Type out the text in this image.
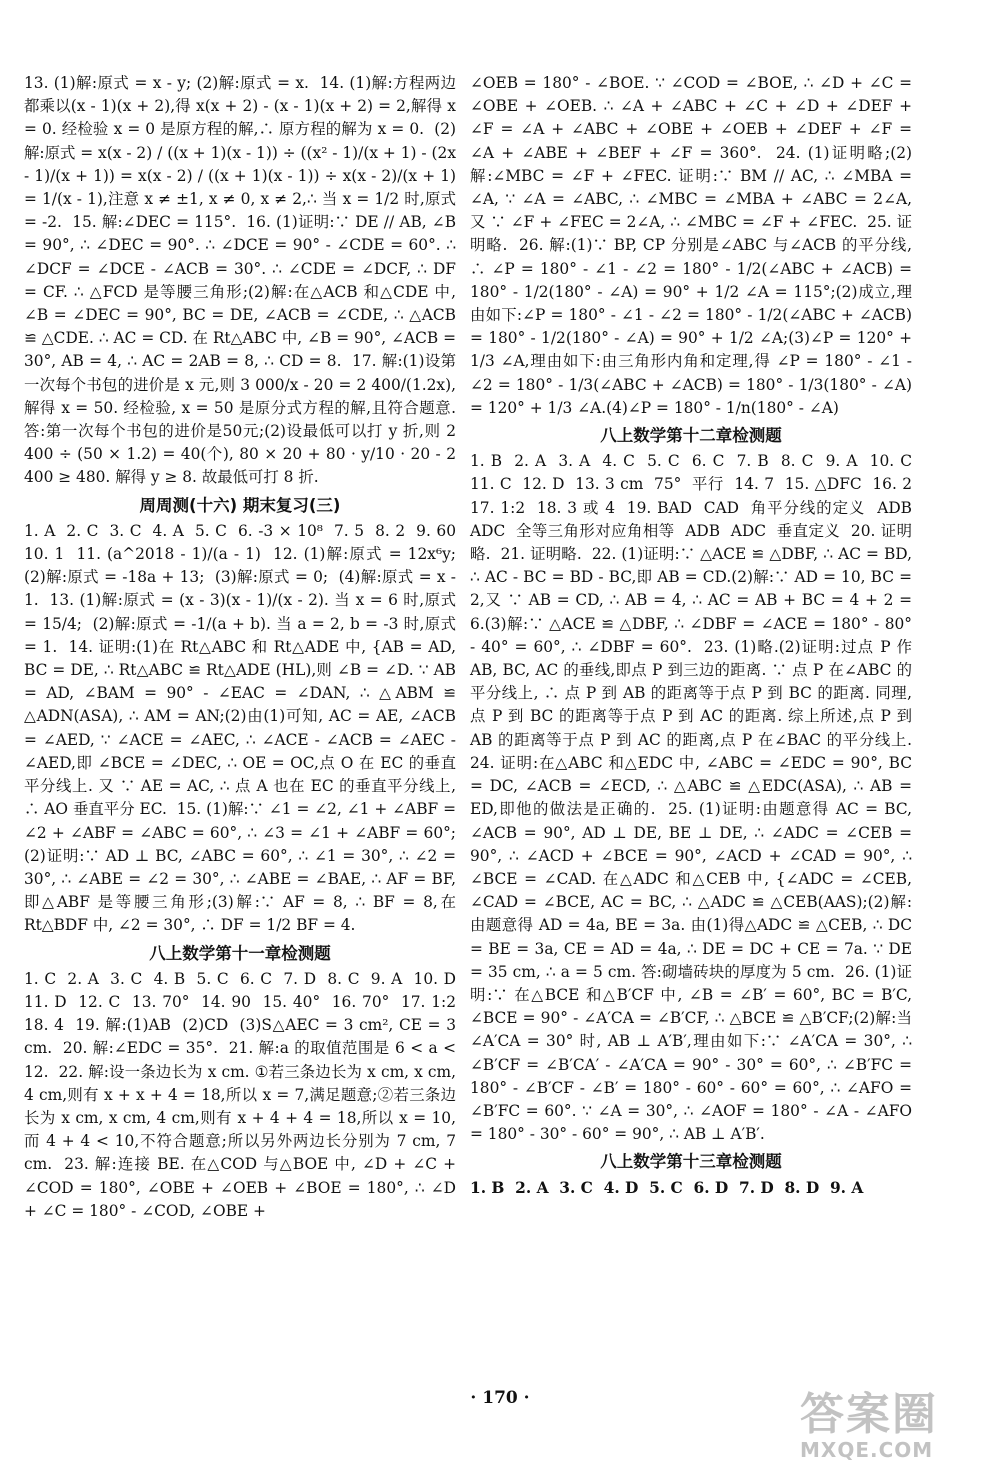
13. (1)解:原式 = x - y; (2)解:原式 = x.  14. (1)解:方程两边都乘以(x - 1)(x + 2),得 x(x + 2) - (x - 1)(x + 2) = 2,解得 x = 0. 经检验 x = 0 是原方程的解,∴ 原方程的解为 x = 0.  (2)解:原式 = x(x - 2) / ((x + 1)(x - 1)) ÷ ((x² - 1)/(x + 1) - (2x - 1)/(x + 1)) = x(x - 2) / ((x + 1)(x - 1)) ÷ x(x - 2)/(x + 1) = 1/(x - 1),注意 x ≠ ±1, x ≠ 0, x ≠ 2,∴ 当 x = 1/2 时,原式 = -2.  15. 解:∠DEC = 115°.  16. (1)证明:∵ DE // AB, ∠B = 90°, ∴ ∠DEC = 90°. ∴ ∠DCE = 90° - ∠CDE = 60°. ∴ ∠DCF = ∠DCE - ∠ACB = 30°. ∴ ∠CDE = ∠DCF, ∴ DF = CF. ∴ △FCD 是等腰三角形;(2)解:在△ACB 和△CDE 中, ∠B = ∠DEC = 90°, BC = DE, ∠ACB = ∠CDE, ∴ △ACB ≌ △CDE. ∴ AC = CD. 在 Rt△ABC 中, ∠B = 90°, ∠ACB = 30°, AB = 4, ∴ AC = 2AB = 8, ∴ CD = 8.  17. 解:(1)设第一次每个书包的进价是 x 元,则 3 000/x - 20 = 2 400/(1.2x),解得 x = 50. 经检验, x = 50 是原分式方程的解,且符合题意. 答:第一次每个书包的进价是50元;(2)设最低可以打 y 折,则 2 400 ÷ (50 × 1.2) = 40(个), 80 × 20 + 80 · y/10 · 20 - 2 400 ≥ 480. 解得 y ≥ 8. 故最低可打 8 折.

周周测(十六) 期末复习(三)

1. A  2. C  3. C  4. A  5. C  6. -3 × 10⁸  7. 5  8. 2  9. 60  10. 1  11. (a^2018 - 1)/(a - 1)  12. (1)解:原式 = 12x⁶y; (2)解:原式 = -18a + 13;  (3)解:原式 = 0;  (4)解:原式 = x - 1.  13. (1)解:原式 = (x - 3)(x - 1)/(x - 2). 当 x = 6 时,原式 = 15/4;  (2)解:原式 = -1/(a + b). 当 a = 2, b = -3 时,原式 = 1.  14. 证明:(1)在 Rt△ABC 和 Rt△ADE 中, {AB = AD, BC = DE, ∴ Rt△ABC ≌ Rt△ADE (HL),则 ∠B = ∠D. ∵ AB = AD, ∠BAM = 90° - ∠EAC = ∠DAN, ∴ △ABM ≌ △ADN(ASA), ∴ AM = AN;(2)由(1)可知, AC = AE, ∠ACB = ∠AED, ∵ ∠ACE = ∠AEC, ∴ ∠ACE - ∠ACB = ∠AEC - ∠AED,即 ∠BCE = ∠DEC, ∴ OE = OC,点 O 在 EC 的垂直平分线上. 又 ∵ AE = AC, ∴ 点 A 也在 EC 的垂直平分线上, ∴ AO 垂直平分 EC.  15. (1)解:∵ ∠1 = ∠2, ∠1 + ∠ABF = ∠2 + ∠ABF = ∠ABC = 60°, ∴ ∠3 = ∠1 + ∠ABF = 60°;(2)证明:∵ AD ⊥ BC, ∠ABC = 60°, ∴ ∠1 = 30°, ∴ ∠2 = 30°, ∴ ∠ABE = ∠2 = 30°, ∴ ∠ABE = ∠BAE, ∴ AF = BF,即△ABF 是等腰三角形;(3)解:∵ AF = 8, ∴ BF = 8,在 Rt△BDF 中, ∠2 = 30°, ∴ DF = 1/2 BF = 4.

八上数学第十一章检测题

1. C  2. A  3. C  4. B  5. C  6. C  7. D  8. C  9. A  10. D  11. D  12. C  13. 70°  14. 90  15. 40°  16. 70°  17. 1:2  18. 4  19. 解:(1)AB  (2)CD  (3)S△AEC = 3 cm², CE = 3 cm.  20. 解:∠EDC = 35°.  21. 解:a 的取值范围是 6 < a < 12.  22. 解:设一条边长为 x cm. ①若三条边长为 x cm, x cm, 4 cm,则有 x + x + 4 = 18,所以 x = 7,满足题意;②若三条边长为 x cm, x cm, 4 cm,则有 x + 4 + 4 = 18,所以 x = 10,而 4 + 4 < 10,不符合题意;所以另外两边长分别为 7 cm, 7 cm.  23. 解:连接 BE. 在△COD 与△BOE 中, ∠D + ∠C + ∠COD = 180°, ∠OBE + ∠OEB + ∠BOE = 180°, ∴ ∠D + ∠C = 180° - ∠COD, ∠OBE +

∠OEB = 180° - ∠BOE. ∵ ∠COD = ∠BOE, ∴ ∠D + ∠C = ∠OBE + ∠OEB. ∴ ∠A + ∠ABC + ∠C + ∠D + ∠DEF + ∠F = ∠A + ∠ABC + ∠OBE + ∠OEB + ∠DEF + ∠F = ∠A + ∠ABE + ∠BEF + ∠F = 360°.  24. (1)证明略;(2)解:∠MBC = ∠F + ∠FEC. 证明:∵ BM // AC, ∴ ∠MBA = ∠A, ∵ ∠A = ∠ABC, ∴ ∠MBC = ∠MBA + ∠ABC = 2∠A, 又 ∵ ∠F + ∠FEC = 2∠A, ∴ ∠MBC = ∠F + ∠FEC.  25. 证明略.  26. 解:(1)∵ BP, CP 分别是∠ABC 与∠ACB 的平分线, ∴ ∠P = 180° - ∠1 - ∠2 = 180° - 1/2(∠ABC + ∠ACB) = 180° - 1/2(180° - ∠A) = 90° + 1/2 ∠A = 115°;(2)成立,理由如下:∠P = 180° - ∠1 - ∠2 = 180° - 1/2(∠ABC + ∠ACB) = 180° - 1/2(180° - ∠A) = 90° + 1/2 ∠A;(3)∠P = 120° + 1/3 ∠A,理由如下:由三角形内角和定理,得 ∠P = 180° - ∠1 - ∠2 = 180° - 1/3(∠ABC + ∠ACB) = 180° - 1/3(180° - ∠A) = 120° + 1/3 ∠A.(4)∠P = 180° - 1/n(180° - ∠A)

八上数学第十二章检测题

1. B  2. A  3. A  4. C  5. C  6. C  7. B  8. C  9. A  10. C  11. C  12. D  13. 3 cm  75°  平行  14. 7  15. △DFC  16. 2  17. 1:2  18. 3 或 4  19. BAD  CAD  角平分线的定义  ADB  ADC  全等三角形对应角相等  ADB  ADC  垂直定义  20. 证明略.  21. 证明略.  22. (1)证明:∵ △ACE ≌ △DBF, ∴ AC = BD, ∴ AC - BC = BD - BC,即 AB = CD.(2)解:∵ AD = 10, BC = 2,又 ∵ AB = CD, ∴ AB = 4, ∴ AC = AB + BC = 4 + 2 = 6.(3)解:∵ △ACE ≌ △DBF, ∴ ∠DBF = ∠ACE = 180° - 80° - 40° = 60°, ∴ ∠DBF = 60°.  23. (1)略.(2)证明:过点 P 作 AB, BC, AC 的垂线,即点 P 到三边的距离. ∵ 点 P 在∠ABC 的平分线上, ∴ 点 P 到 AB 的距离等于点 P 到 BC 的距离. 同理,点 P 到 BC 的距离等于点 P 到 AC 的距离. 综上所述,点 P 到 AB 的距离等于点 P 到 AC 的距离,点 P 在∠BAC 的平分线上.  24. 证明:在△ABC 和△EDC 中, ∠ABC = ∠EDC = 90°, BC = DC, ∠ACB = ∠ECD, ∴ △ABC ≌ △EDC(ASA), ∴ AB = ED,即他的做法是正确的.  25. (1)证明:由题意得 AC = BC, ∠ACB = 90°, AD ⊥ DE, BE ⊥ DE, ∴ ∠ADC = ∠CEB = 90°, ∴ ∠ACD + ∠BCE = 90°, ∠ACD + ∠CAD = 90°, ∴ ∠BCE = ∠CAD. 在△ADC 和△CEB 中, {∠ADC = ∠CEB, ∠CAD = ∠BCE, AC = BC, ∴ △ADC ≌ △CEB(AAS);(2)解:由题意得 AD = 4a, BE = 3a. 由(1)得△ADC ≌ △CEB, ∴ DC = BE = 3a, CE = AD = 4a, ∴ DE = DC + CE = 7a. ∵ DE = 35 cm, ∴ a = 5 cm. 答:砌墙砖块的厚度为 5 cm.  26. (1)证明:∵ 在△BCE 和△B′CF 中, ∠B = ∠B′ = 60°, BC = B′C, ∠BCE = 90° - ∠A′CA = ∠B′CF, ∴ △BCE ≌ △B′CF;(2)解:当∠A′CA = 30° 时, AB ⊥ A′B′,理由如下:∵ ∠A′CA = 30°, ∴ ∠B′CF = ∠B′CA′ - ∠A′CA = 90° - 30° = 60°, ∴ ∠B′FC = 180° - ∠B′CF - ∠B′ = 180° - 60° - 60° = 60°, ∴ ∠AFO = ∠B′FC = 60°. ∵ ∠A = 30°, ∴ ∠AOF = 180° - ∠A - ∠AFO = 180° - 30° - 60° = 90°, ∴ AB ⊥ A′B′.

八上数学第十三章检测题

1. B  2. A  3. C  4. D  5. C  6. D  7. D  8. D  9. A

· 170 ·	答案圈
MXQE.COM
